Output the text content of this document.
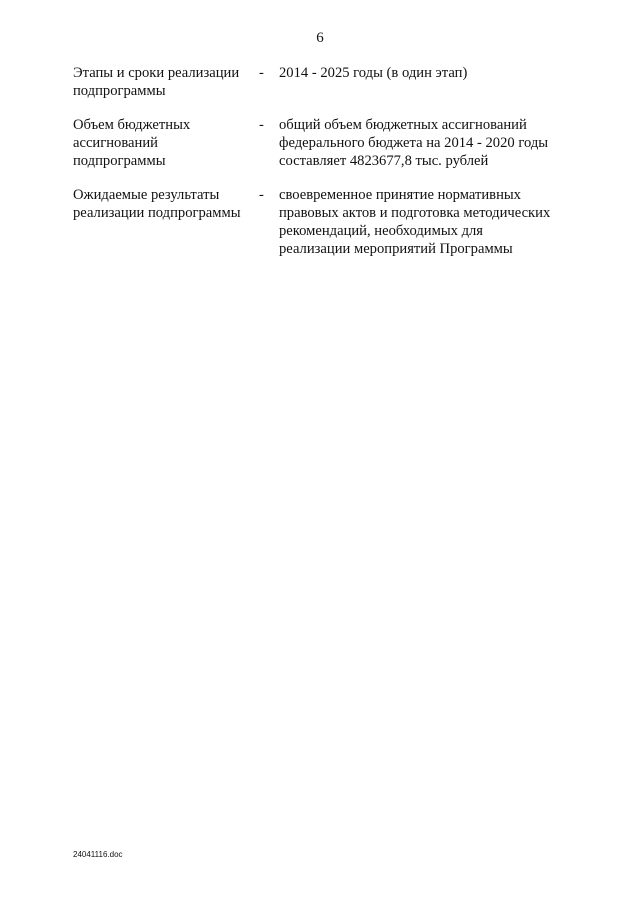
6
Этапы и сроки реализации
подпрограммы
-	2014 - 2025 годы (в один этап)
Объем бюджетных
ассигнований
подпрограммы
-	общий объем бюджетных ассигнований
федерального бюджета на 2014 - 2020 годы
составляет 4823677,8 тыс. рублей
Ожидаемые результаты
реализации подпрограммы
-	своевременное принятие нормативных
правовых актов и подготовка методических
рекомендаций, необходимых для
реализации мероприятий Программы
24041116.doc
